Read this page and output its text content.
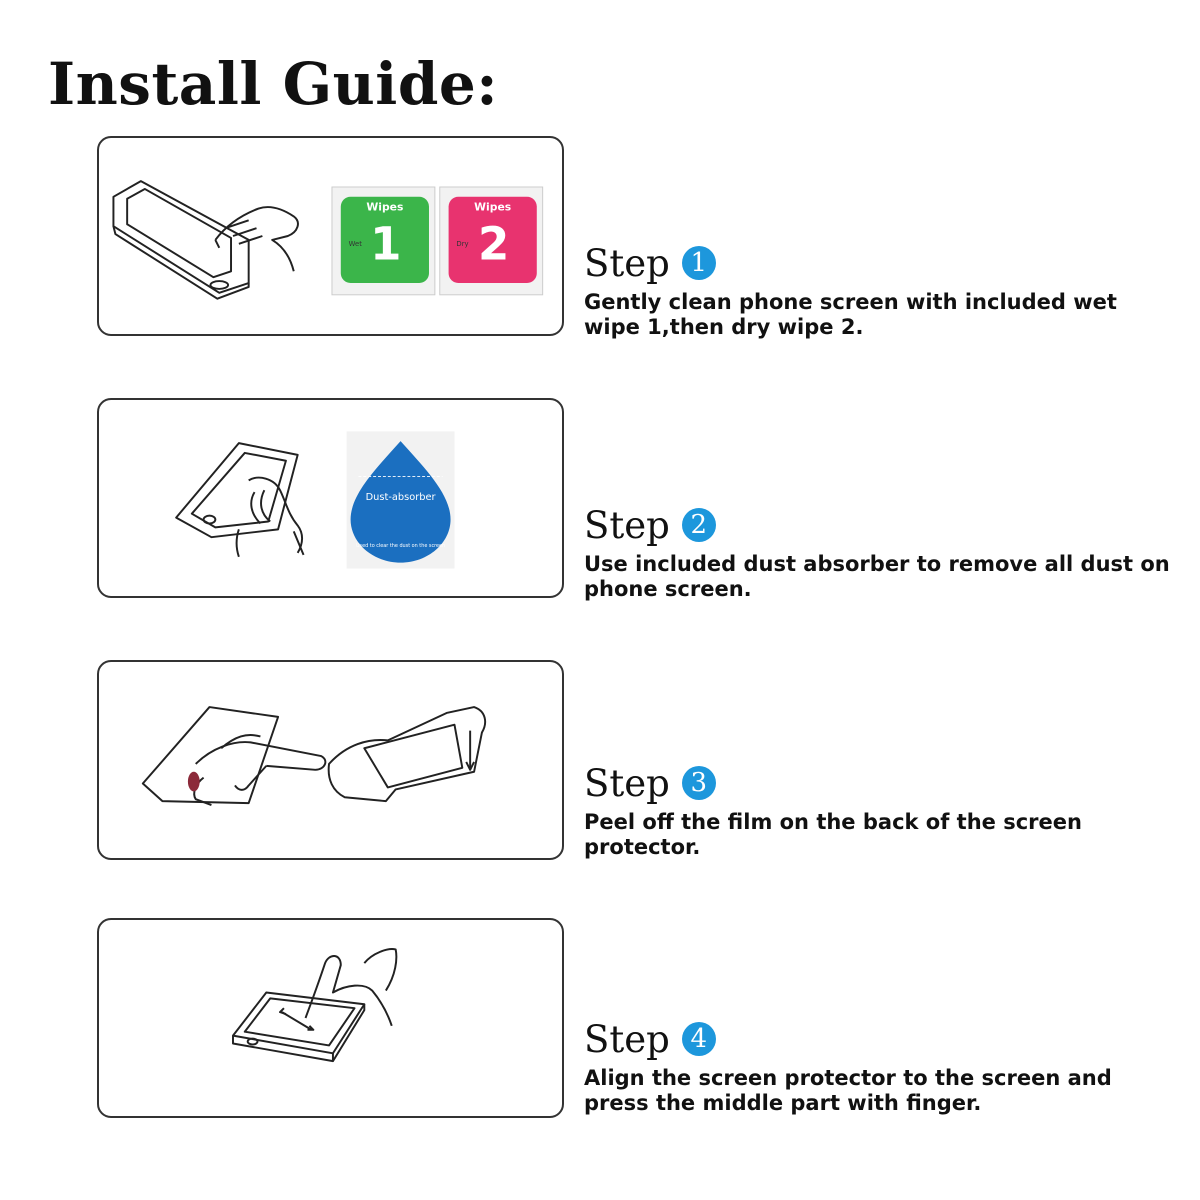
Install Guide:
Wipes
Wet 1
Wipes
Dry 2
Dust-absorber
Used to clear the dust on the screen
Step 1
Gently clean phone screen with included wet wipe 1,then dry wipe 2.
Step 2
Use included dust absorber to remove all dust on phone screen.
Step 3
Peel off the film on the back of the screen protector.
Step 4
Align the screen protector to the screen and press the middle part with finger.
